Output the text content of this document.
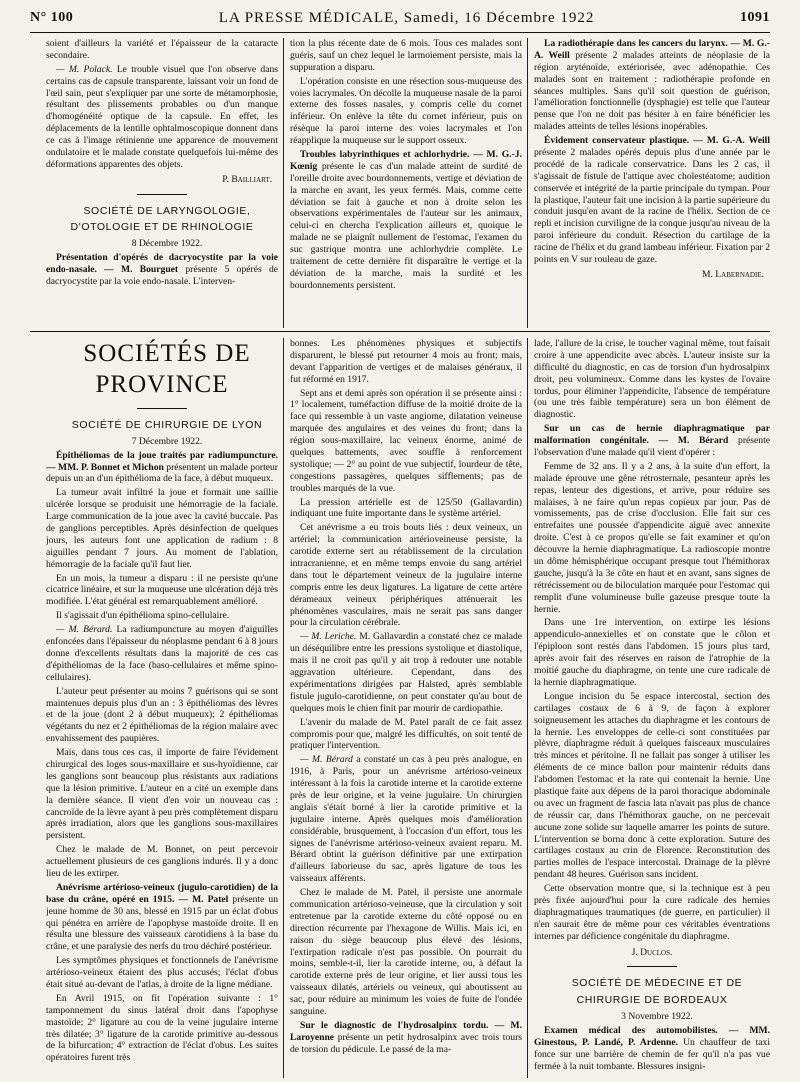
N° 100	LA PRESSE MÉDICALE, Samedi, 16 Décembre 1922	1091

soient d'ailleurs la variété et l'épaisseur de la cataracte secondaire.

— M. Polack. Le trouble visuel que l'on observe dans certains cas de capsule transparente, laissant voir un fond de l'œil sain, peut s'expliquer par une sorte de métamorphosie, résultant des plissements probables ou d'un manque d'homogénéité optique de la capsule. En effet, les déplacements de la lentille ophtalmoscopique donnent dans ce cas à l'image rétinienne une apparence de mouvement ondulatoire et le malade constate quelquefois lui-même des déformations apparentes des objets.

P. Bailliart.

SOCIÉTÉ DE LARYNGOLOGIE, D'OTOLOGIE ET DE RHINOLOGIE

8 Décembre 1922.

Présentation d'opérés de dacryocystite par la voie endo-nasale. — M. Bourguet présente 5 opérés de dacryocystite par la voie endo-nasale. L'interven-

tion la plus récente date de 6 mois. Tous ces malades sont guéris, sauf un chez lequel le larmoiement persiste, mais la suppuration a disparu.

L'opération consiste en une résection sous-muqueuse des voies lacrymales. On décolle la muqueuse nasale de la paroi externe des fosses nasales, y compris celle du cornet inférieur. On enlève la tête du cornet inférieur, puis on résèque la paroi interne des voies lacrymales et l'on réapplique la muqueuse sur le support osseux.

Troubles labyrinthiques et achlorhydrie. — M. G.-J. Kœnig présente le cas d'un malade atteint de surdité de l'oreille droite avec bourdonnements, vertige et déviation de la marche en avant, les yeux fermés. Mais, comme cette déviation se fait à gauche et non à droite selon les observations expérimentales de l'auteur sur les animaux, celui-ci en chercha l'explication ailleurs et, quoique le malade ne se plaignît nullement de l'estomac, l'examen du suc gastrique montra une achlorhydrie complète. Le traitement de cette dernière fit disparaître le vertige et la déviation de la marche, mais la surdité et les bourdonnements persistent.

La radiothérapie dans les cancers du larynx. — M. G.-A. Weill présente 2 malades atteints de néoplasie de la région aryténoïde, extériorisée, avec adénopathie. Ces malades sont en traitement : radiothérapie profonde en séances multiples. Sans qu'il soit question de guérison, l'amélioration fonctionnelle (dysphagie) est telle que l'auteur pense que l'on ne doit pas hésiter à en faire bénéficier les malades atteints de telles lésions inopérables.

Évidement conservateur plastique. — M. G.-A. Weill présente 2 malades opérés depuis plus d'une année par le procédé de la radicale conservatrice. Dans les 2 cas, il s'agissait de fistule de l'attique avec cholestéatome; audition conservée et intégrité de la partie principale du tympan. Pour la plastique, l'auteur fait une incision à la partie supérieure du conduit jusqu'en avant de la racine de l'hélix. Section de ce repli et incision curviligne de la conque jusqu'au niveau de la paroi inférieure du conduit. Résection du cartilage de la racine de l'hélix et du grand lambeau inférieur. Fixation par 2 points en V sur rouleau de gaze.

M. Labernadie.

SOCIÉTÉS DE PROVINCE

SOCIÉTÉ DE CHIRURGIE DE LYON

7 Décembre 1922.

Épithéliomas de la joue traités par radiumpuncture. — MM. P. Bonnet et Michon présentent un malade porteur depuis un an d'un épithélioma de la face, à début muqueux.

La tumeur avait infiltré la joue et formait une saillie ulcérée lorsque se produisit une hémorragie de la faciale. Large communication de la joue avec la cavité buccale. Pas de ganglions perceptibles. Après désinfection de quelques jours, les auteurs font une application de radium : 8 aiguilles pendant 7 jours. Au moment de l'ablation, hémorragie de la faciale qu'il faut lier.

En un mois, la tumeur a disparu : il ne persiste qu'une cicatrice linéaire, et sur la muqueuse une ulcération déjà très modifiée. L'état général est remarquablement amélioré.

Il s'agissait d'un épithélioma spino-cellulaire.

— M. Bérard. La radiumpuncture au moyen d'aiguilles enfoncées dans l'épaisseur du néoplasme pendant 6 à 8 jours donne d'excellents résultats dans la majorité de ces cas d'épithéliomas de la face (baso-cellulaires et même spino-cellulaires).

L'auteur peut présenter au moins 7 guérisons qui se sont maintenues depuis plus d'un an : 3 épithéliomas des lèvres et de la joue (dont 2 à début muqueux); 2 épithéliomas végétants du nez et 2 épithéliomas de la région malaire avec envahissement des paupières.

Mais, dans tous ces cas, il importe de faire l'évidement chirurgical des loges sous-maxillaire et sus-hyoïdienne, car les ganglions sont beaucoup plus résistants aux radiations que la lésion primitive. L'auteur en a cité un exemple dans la dernière séance. Il vient d'en voir un nouveau cas : cancroïde de la lèvre ayant à peu près complètement disparu après irradiation, alors que les ganglions sous-maxillaires persistent.

Chez le malade de M. Bonnet, on peut percevoir actuellement plusieurs de ces ganglions indurés. Il y a donc lieu de les extirper.

Anévrisme artérioso-veineux (jugulo-carotidien) de la base du crâne, opéré en 1915. — M. Patel présente un jeune homme de 30 ans, blessé en 1915 par un éclat d'obus qui pénétra en arrière de l'apophyse mastoïde droite. Il en résulta une blessure des vaisseaux carotidiens à la base du crâne, et une paralysie des nerfs du trou déchiré postérieur.

Les symptômes physiques et fonctionnels de l'anévrisme artérioso-veineux étaient des plus accusés; l'éclat d'obus était situé au-devant de l'atlas, à droite de la ligne médiane.

En Avril 1915, on fit l'opération suivante : 1° tamponnement du sinus latéral droit dans l'apophyse mastoïde; 2° ligature au cou de la veine jugulaire interne très dilatée; 3° ligature de la carotide primitive au-dessous de la bifurcation; 4° extraction de l'éclat d'obus. Les suites opératoires furent très

bonnes. Les phénomènes physiques et subjectifs disparurent, le blessé put retourner 4 mois au front; mais, devant l'apparition de vertiges et de malaises généraux, il fut réformé en 1917.

Sept ans et demi après son opération il se présente ainsi : 1° localement, tuméfaction diffuse de la moitié droite de la face qui ressemble à un vaste angiome, dilatation veineuse marquée des angulaires et des veines du front; dans la région sous-maxillaire, lac veineux énorme, animé de quelques battements, avec souffle à renforcement systolique; — 2° au point de vue subjectif, lourdeur de tête, congestions passagères, quelques sifflements; pas de troubles marqués de la vue.

La pression artérielle est de 125/50 (Gallavardin) indiquant une fuite importante dans le système artériel.

Cet anévrisme a eu trois bouts liés : deux veineux, un artériel; la communication artérioveineuse persiste, la carotide externe sert au rétablissement de la circulation intracranienne, et en même temps envoie du sang artériel dans tout le département veineux de la jugulaire interne compris entre les deux ligatures. La ligature de cette artère dérameaux veineux périphériques atténuerait les phénomènes vasculaires, mais ne serait pas sans danger pour la circulation cérébrale.

— M. Leriche. M. Gallavardin a constaté chez ce malade un déséquilibre entre les pressions systolique et diastolique, mais il ne croit pas qu'il y ait trop à redouter une notable aggravation ultérieure. Cependant, dans des expérimentations dirigées par Halsted, après semblable fistule jugulo-carotidienne, on peut constater qu'au bout de quelques mois le chien finit par mourir de cardiopathie.

L'avenir du malade de M. Patel paraît de ce fait assez compromis pour que, malgré les difficultés, on soit tenté de pratiquer l'intervention.

— M. Bérard a constaté un cas à peu près analogue, en 1916, à Paris, pour un anévrisme artérioso-veineux intéressant à la fois la carotide interne et la carotide externe près de leur origine, et la veine jugulaire. Un chirurgien anglais s'était borné à lier la carotide primitive et la jugulaire interne. Après quelques mois d'amélioration considérable, brusquement, à l'occasion d'un effort, tous les signes de l'anévrisme artérioso-veineux avaient reparu. M. Bérard obtint la guérison définitive par une extirpation d'ailleurs laborieuse du sac, après ligature de tous les vaisseaux afférents.

Chez le malade de M. Patel, il persiste une anormale communication artérioso-veineuse, que la circulation y soit entretenue par la carotide externe du côté opposé ou en direction récurrente par l'hexagone de Willis. Mais ici, en raison du siège beaucoup plus élevé des lésions, l'extirpation radicale n'est pas possible. On pourrait du moins, semble-t-il, lier la carotide interne, ou, à défaut la carotide externe près de leur origine, et lier aussi tous les vaisseaux dilatés, artériels ou veineux, qui aboutissent au sac, pour réduire au minimum les voies de fuite de l'ondée sanguine.

Sur le diagnostic de l'hydrosalpinx tordu. — M. Laroyenne présente un petit hydrosalpinx avec trois tours de torsion du pédicule. Le passé de la ma-

lade, l'allure de la crise, le toucher vaginal même, tout faisait croire à une appendicite avec abcès. L'auteur insiste sur la difficulté du diagnostic, en cas de torsion d'un hydrosalpinx droit, peu volumineux. Comme dans les kystes de l'ovaire tordus, pour éliminer l'appendicite, l'absence de température (ou une très faible température) sera un bon élément de diagnostic.

Sur un cas de hernie diaphragmatique par malformation congénitale. — M. Bérard présente l'observation d'une malade qu'il vient d'opérer :

Femme de 32 ans. Il y a 2 ans, à la suite d'un effort, la malade éprouve une gêne rétrosternale, pesanteur après les repas, lenteur des digestions, et arrive, pour réduire ses malaises, à ne faire qu'un repas copieux par jour. Pas de vomissements, pas de crise d'occlusion. Elle fait sur ces entrefaites une poussée d'appendicite aiguë avec annexite droite. C'est à ce propos qu'elle se fait examiner et qu'on découvre la hernie diaphragmatique. La radioscopie montre un dôme hémisphérique occupant presque tout l'hémithorax gauche, jusqu'à la 3e côte en haut et en avant, sans signes de rétrécissement ou de biloculation marquée pour l'estomac qui remplit d'une volumineuse bulle gazeuse presque toute la hernie.

Dans une 1re intervention, on extirpe les lésions appendiculo-annexielles et on constate que le côlon et l'épiploon sont restés dans l'abdomen. 15 jours plus tard, après avoir fait des réserves en raison de l'atrophie de la moitié gauche du diaphragme, on tente une cure radicale de la hernie diaphragmatique.

Longue incision du 5e espace intercostal, section des cartilages costaux de 6 à 9, de façon à explorer soigneusement les attaches du diaphragme et les contours de la hernie. Les enveloppes de celle-ci sont constituées par plèvre, diaphragme réduit à quelques faisceaux musculaires très minces et péritoine. Il ne fallait pas songer à utiliser les éléments de ce mince ballon pour maintenir réduits dans l'abdomen l'estomac et la rate qui contenait la hernie. Une plastique faite aux dépens de la paroi thoracique abdominale ou avec un fragment de fascia lata n'avait pas plus de chance de réussir car, dans l'hémithorax gauche, on ne percevait aucune zone solide sur laquelle amarrer les points de suture. L'intervention se borna donc à cette exploration. Suture des cartilages costaux au crin de Florence. Reconstitution des parties molles de l'espace intercostal. Drainage de la plèvre pendant 48 heures. Guérison sans incident.

Cette observation montre que, si la technique est à peu près fixée aujourd'hui pour la cure radicale des hernies diaphragmatiques traumatiques (de guerre, en particulier) il n'en saurait être de même pour ces véritables éventrations internes par déficience congénitale du diaphragme.

J. Duclos.

SOCIÉTÉ DE MÉDECINE ET DE CHIRURGIE DE BORDEAUX

3 Novembre 1922.

Examen médical des automobilistes. — MM. Ginestous, P. Landé, P. Ardenne. Un chauffeur de taxi fonce sur une barrière de chemin de fer qu'il n'a pas vue fermée à la nuit tombante. Blessures insigni-
